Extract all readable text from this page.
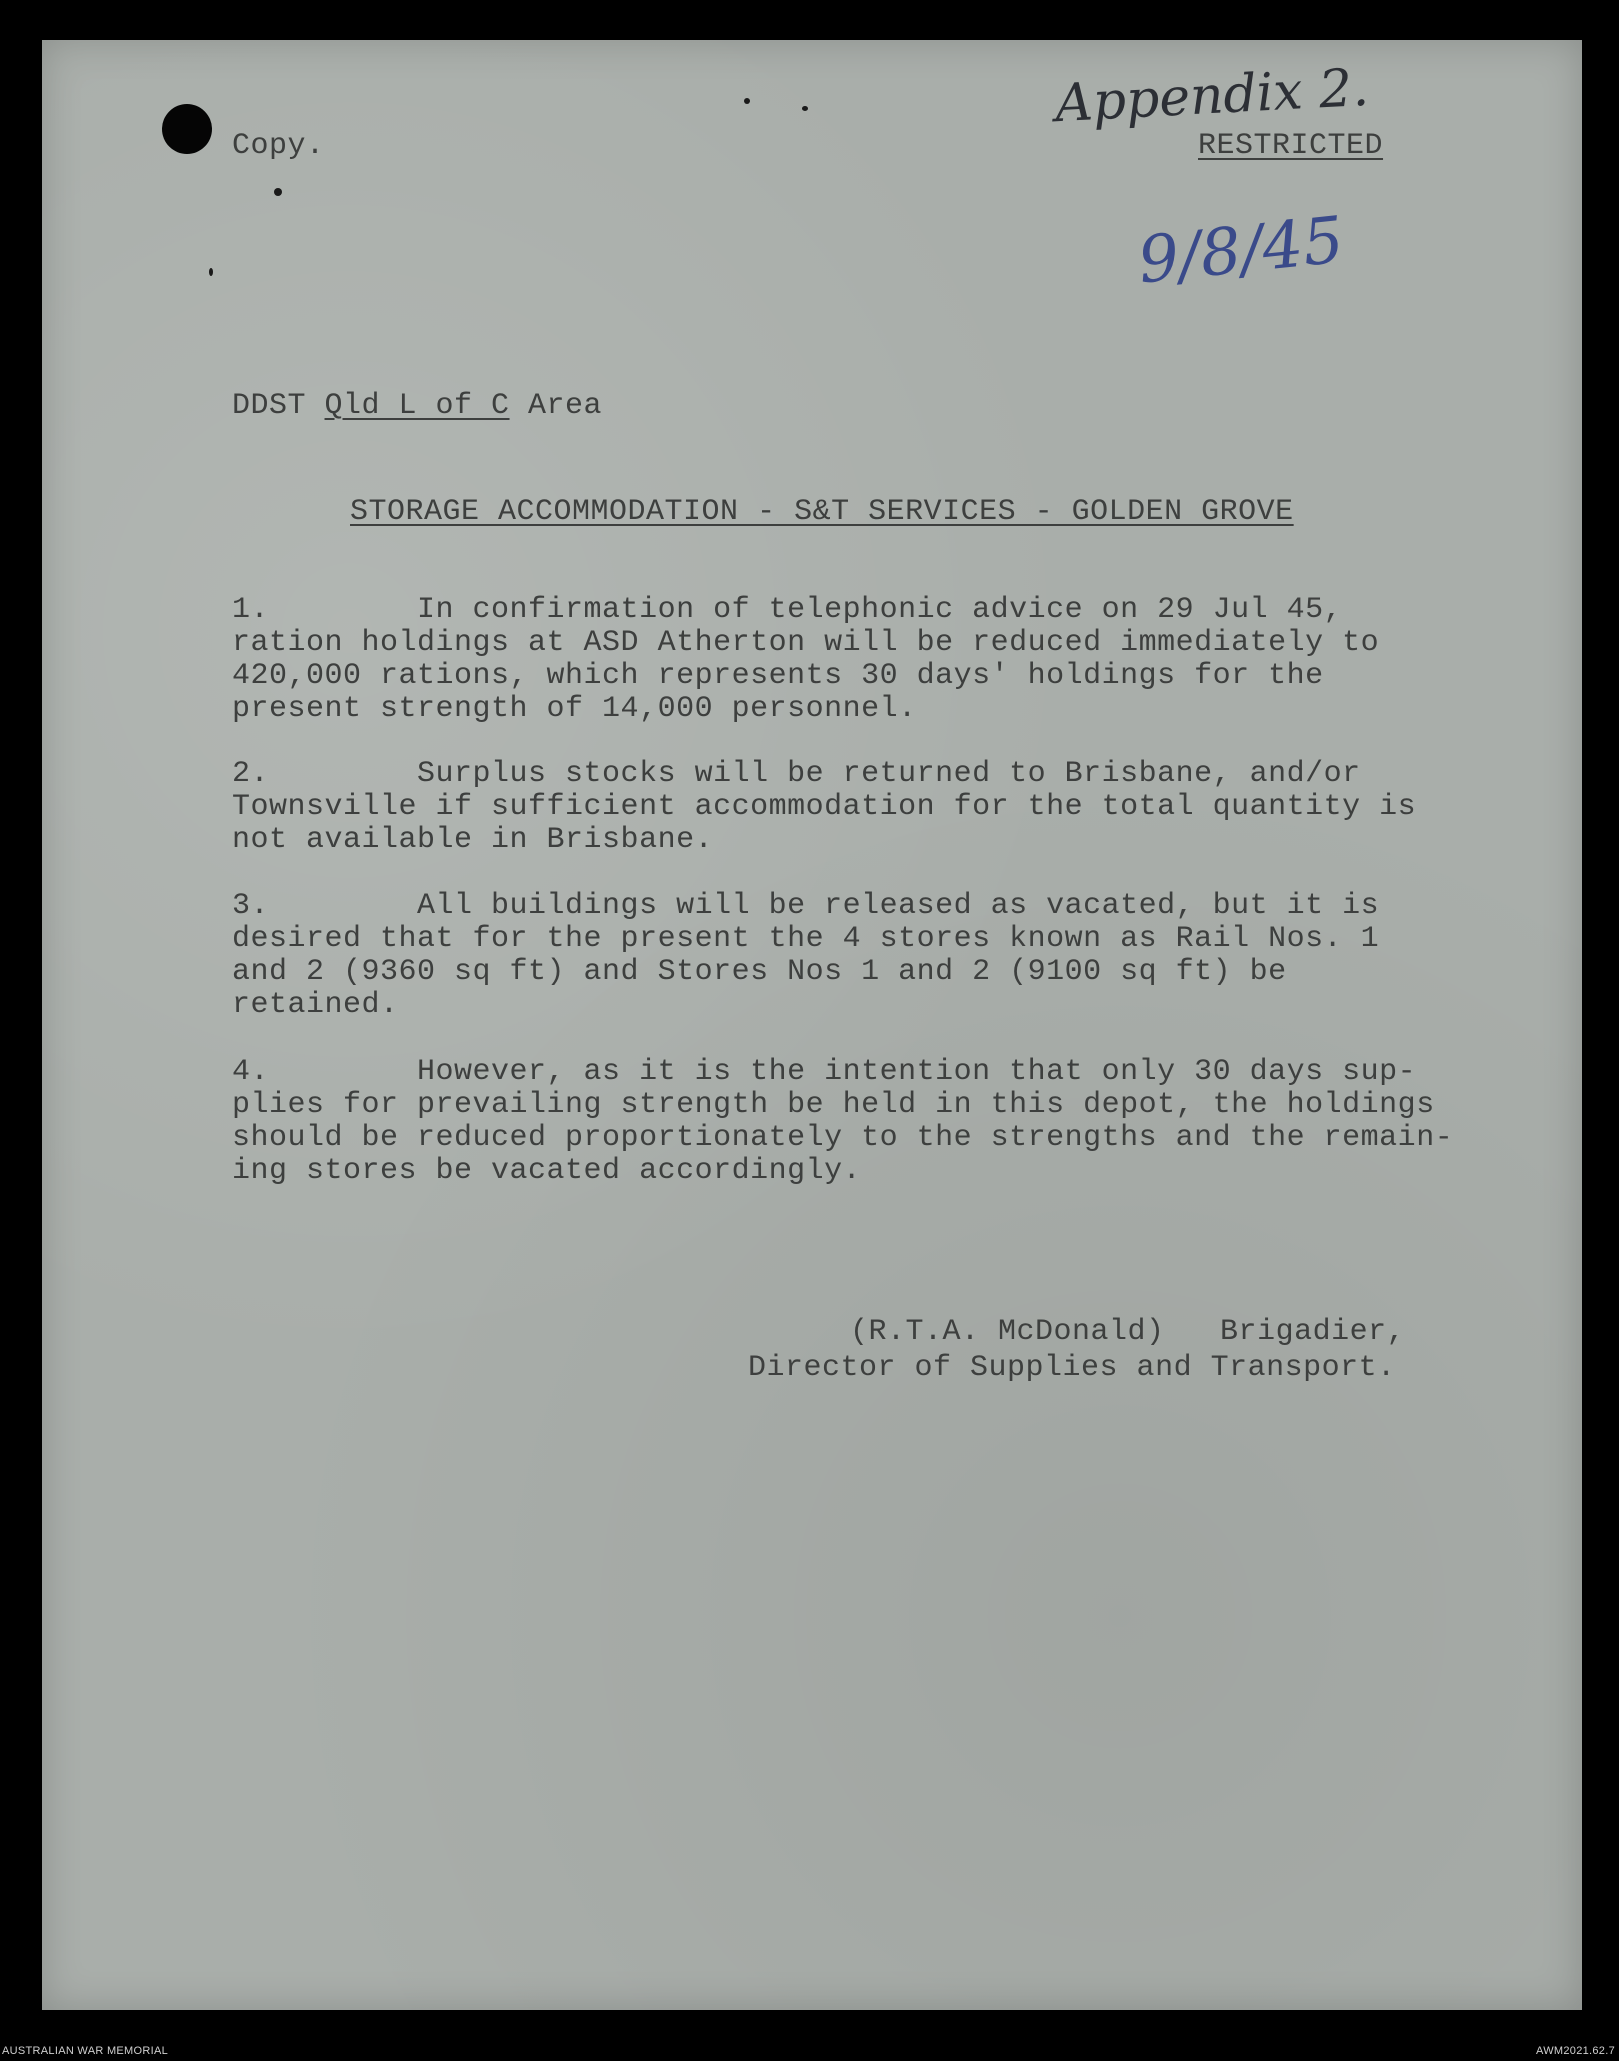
Copy.	RESTRICTED
Appendix 2.
9/8/45
DDST Qld L of C Area
STORAGE ACCOMMODATION - S&T SERVICES - GOLDEN GROVE
1.        In confirmation of telephonic advice on 29 Jul 45,
ration holdings at ASD Atherton will be reduced immediately to
420,000 rations, which represents 30 days' holdings for the
present strength of 14,000 personnel.
2.        Surplus stocks will be returned to Brisbane, and/or
Townsville if sufficient accommodation for the total quantity is
not available in Brisbane.
3.        All buildings will be released as vacated, but it is
desired that for the present the 4 stores known as Rail Nos. 1
and 2 (9360 sq ft) and Stores Nos 1 and 2 (9100 sq ft) be
retained.
4.        However, as it is the intention that only 30 days sup-
plies for prevailing strength be held in this depot, the holdings
should be reduced proportionately to the strengths and the remain-
ing stores be vacated accordingly.
(R.T.A. McDonald)   Brigadier,
Director of Supplies and Transport.
AUSTRALIAN WAR MEMORIAL	AWM2021.62.7
